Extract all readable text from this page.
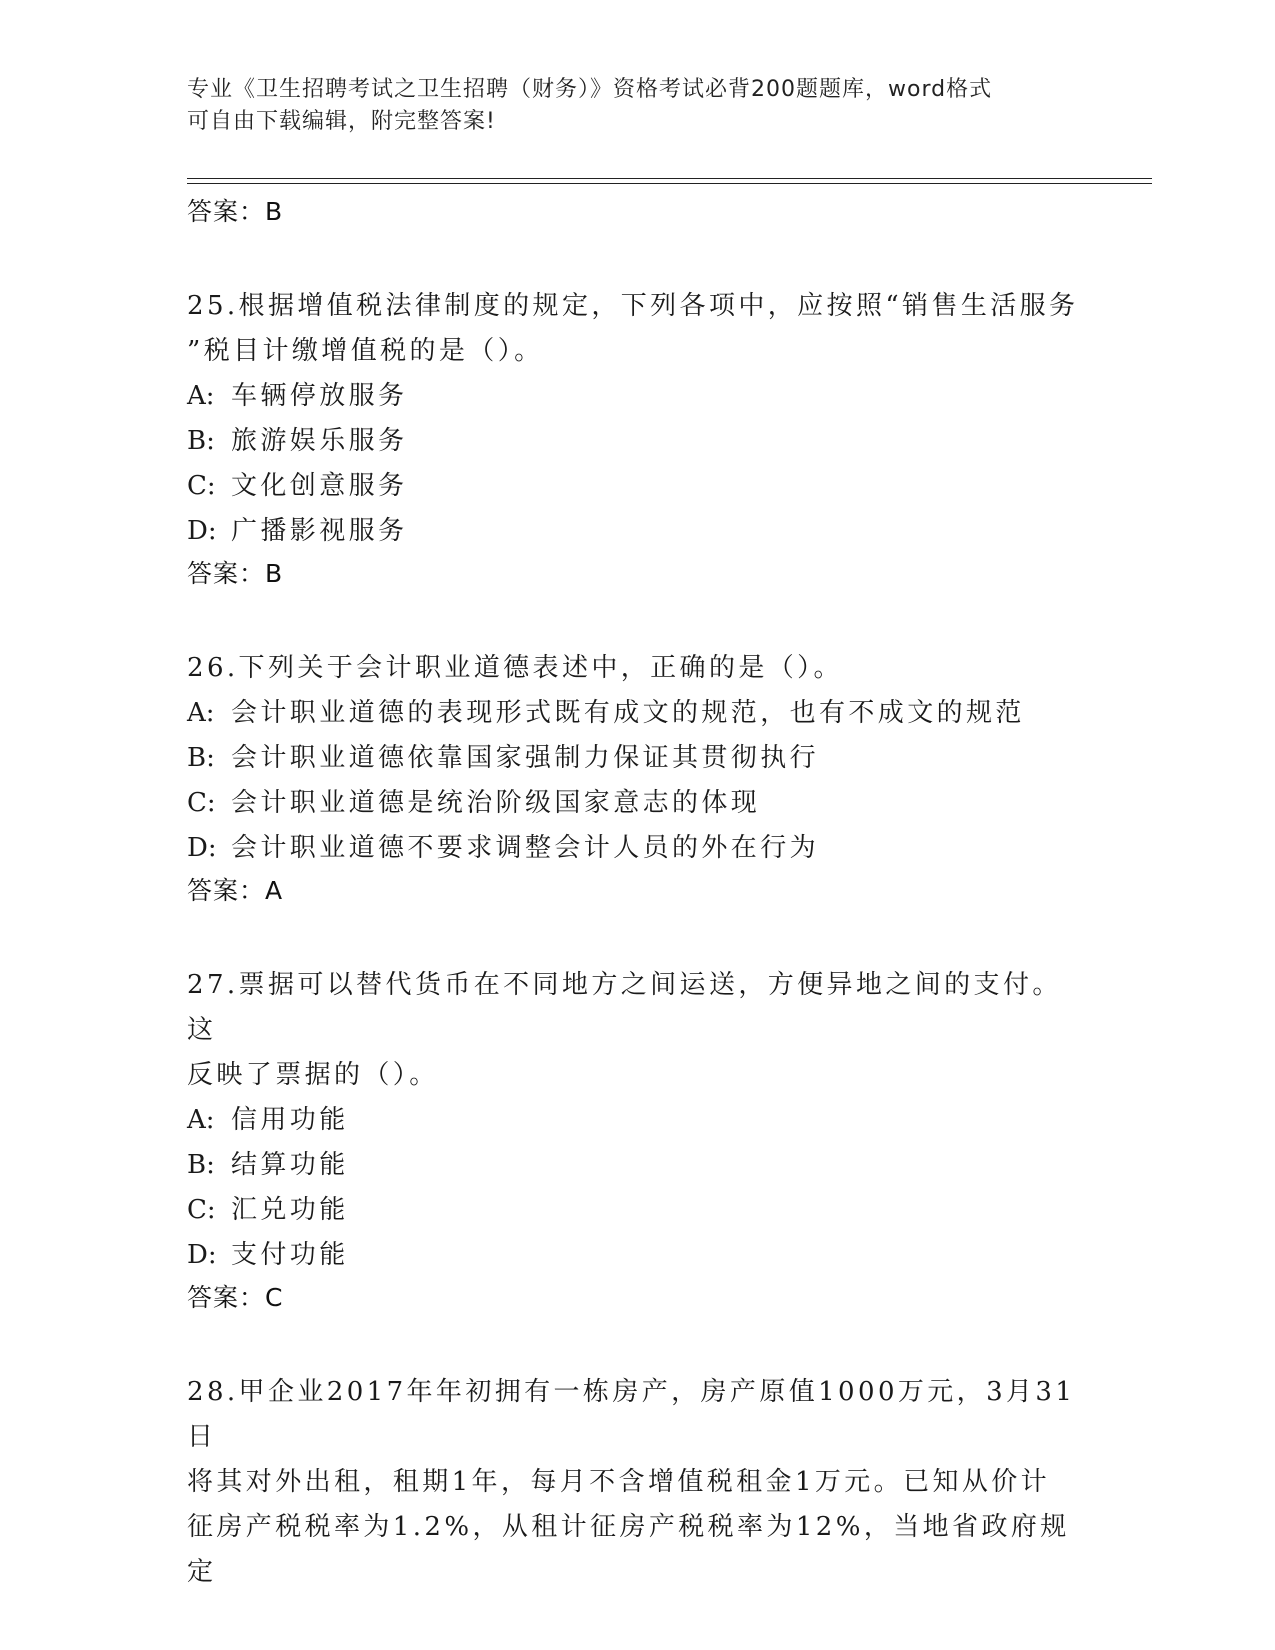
专业《卫生招聘考试之卫生招聘（财务）》资格考试必背200题题库，word格式
可自由下载编辑，附完整答案!

答案：B

25.根据增值税法律制度的规定，下列各项中，应按照“销售生活服务

”税目计缴增值税的是（）。

A: 车辆停放服务

B: 旅游娱乐服务

C: 文化创意服务

D: 广播影视服务

答案：B

26.下列关于会计职业道德表述中，正确的是（）。

A: 会计职业道德的表现形式既有成文的规范，也有不成文的规范

B: 会计职业道德依靠国家强制力保证其贯彻执行

C: 会计职业道德是统治阶级国家意志的体现

D: 会计职业道德不要求调整会计人员的外在行为

答案：A

27.票据可以替代货币在不同地方之间运送，方便异地之间的支付。这

反映了票据的（）。

A: 信用功能

B: 结算功能

C: 汇兑功能

D: 支付功能

答案：C

28.甲企业2017年年初拥有一栋房产，房产原值1000万元，3月31日

将其对外出租，租期1年，每月不含增值税租金1万元。已知从价计

征房产税税率为1.2%，从租计征房产税税率为12%，当地省政府规定
